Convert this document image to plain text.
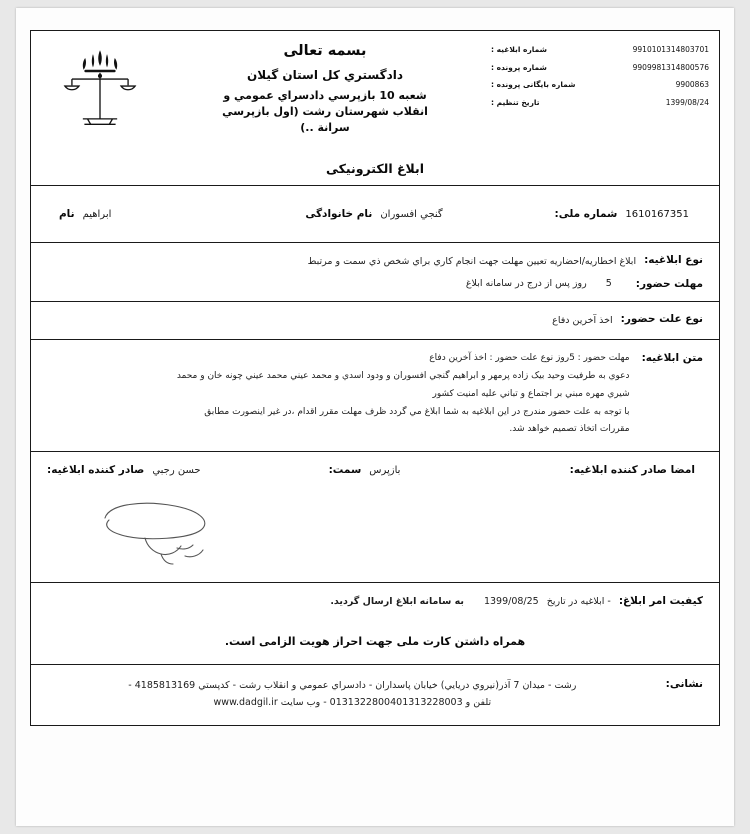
9910101314803701
شماره ابلاغیه :
9909981314800576
شماره پرونده :
9900863
شماره بایگانی پرونده :
1399/08/24
تاریخ تنظیم :
بسمه تعالی
دادگستري کل استان گیلان
شعبه 10 بازپرسي دادسراي عمومي و
انقلاب شهرستان رشت (اول بازپرسي
سرانة ..)
ابلاغ الکترونیکی
1610167351
شماره ملی:
گنجي افسوران
نام خانوادگی
ابراهیم
نام
نوع ابلاغیه:
ابلاغ اخطاریه/احضاریه تعیین مهلت جهت انجام کاري براي شخص ذي سمت و مرتبط
مهلت حضور:
5 روز پس از درج در سامانه ابلاغ
نوع علت حضور:
اخذ آخرین دفاع
متن ابلاغیه:

مهلت حضور : 5روز نوع علت حضور : اخذ آخرین دفاع

دعوي به طرفیت وحید بیک زاده پرمهر و ابراهیم گنجي افسوران و ودود اسدي و محمد عیني محمد عیني چونه خان و محمد

شیري مهره مبني بر اجتماع و تباني علیه امنیت کشور

با توجه به علت حضور مندرج در این ابلاغیه به شما ابلاغ مي گردد ظرف مهلت مقرر اقدام ،در غیر اینصورت مطابق

مقررات اتخاذ تصمیم خواهد شد.

امضا صادر کننده ابلاغیه:
بازپرس
سمت:
حسن رجبي
صادر کننده ابلاغیه:
کیفیت امر ابلاغ:
- ابلاغیه در تاریخ
1399/08/25
به سامانه ابلاغ ارسال گردید.
همراه داشتن کارت ملی جهت احراز هویت الزامی است.
نشانی:
رشت - میدان 7 آذر(نیروي دریایي) خیابان پاسداران - دادسراي عمومي و انقلاب رشت - کدپستي 4185813169 -
تلفن 01313228004و 01313228003 - وب سایت www.dadgil.ir
